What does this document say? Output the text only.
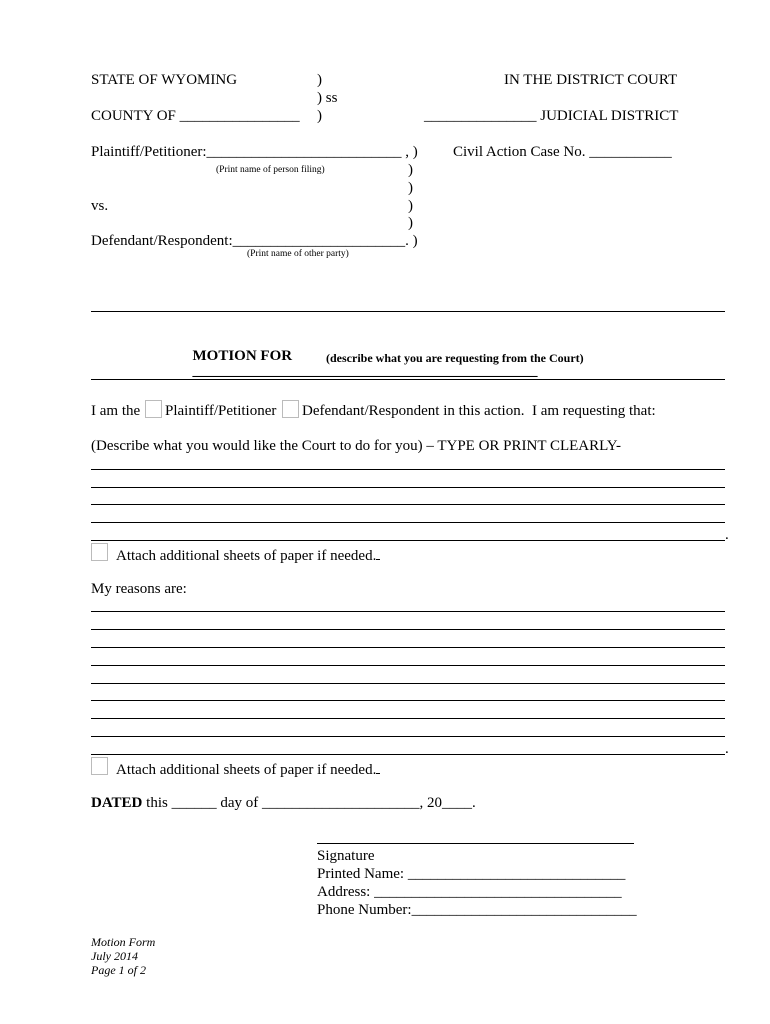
STATE OF WYOMING	)
) ss
COUNTY OF ________________ )
IN THE DISTRICT COURT
_______________ JUDICIAL DISTRICT
Plaintiff/Petitioner:__________________________ , )
(Print name of person filing)
Civil Action Case No. ___________
)
)
vs.	)
)
Defendant/Respondent:_______________________. )
(Print name of other party)

MOTION FOR
______________________________________________

(describe what you are requesting from the Court)
I am the Plaintiff/Petitioner Defendant/Respondent in this action.  I am requesting that:
(Describe what you would like the Court to do for you) – TYPE OR PRINT CLEARLY-
.
Attach additional sheets of paper if needed.
My reasons are:
.
Attach additional sheets of paper if needed.
DATED this ______ day of _____________________, 20____.
Signature
Printed Name: _____________________________
Address: _________________________________
Phone Number:______________________________
Motion Form
July 2014
Page 1 of 2
